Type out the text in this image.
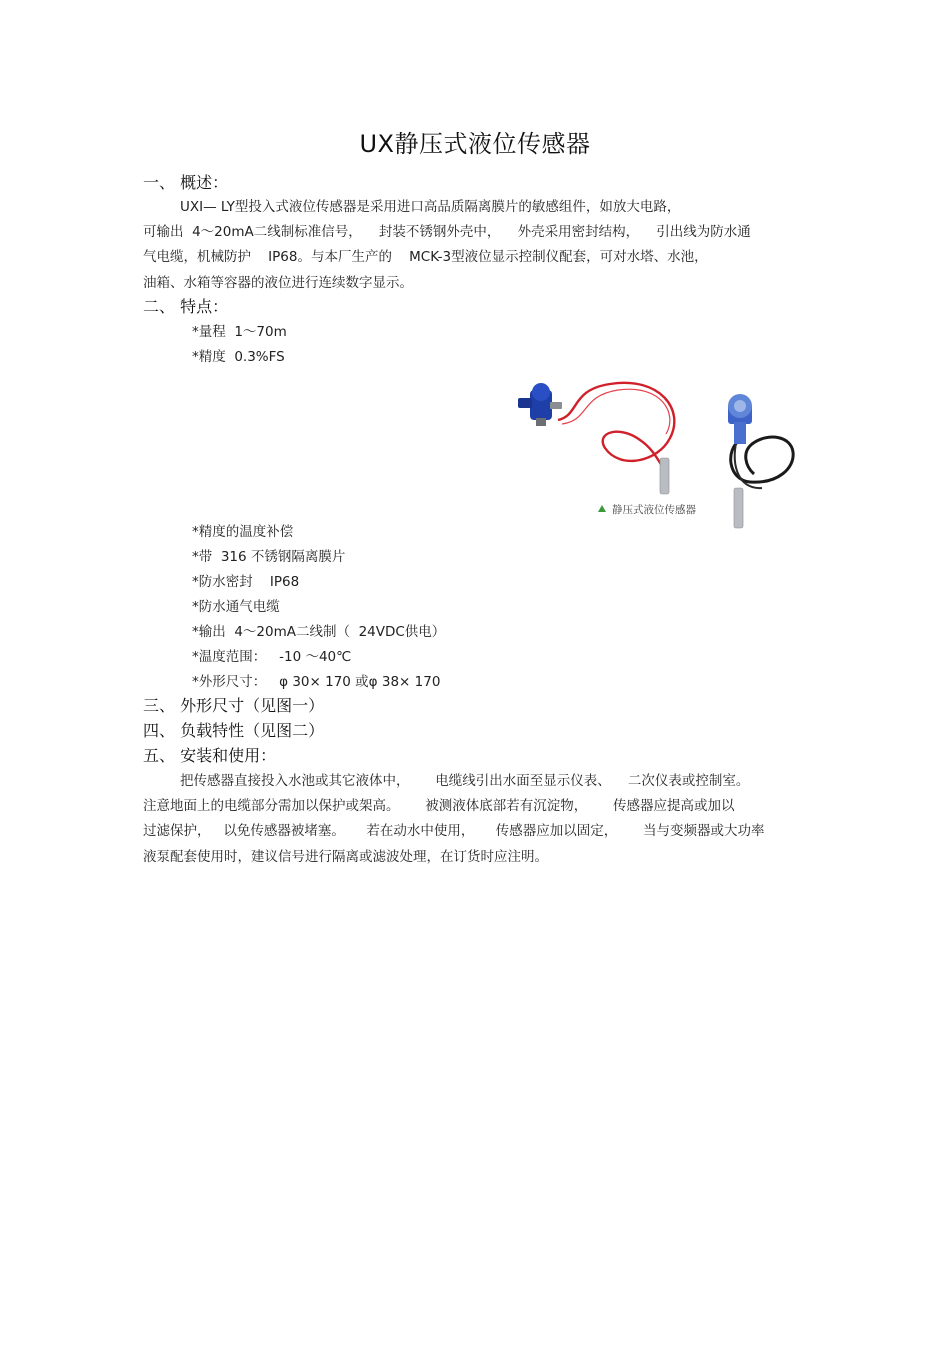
UX静压式液位传感器
一、 概述：
UXI— LY型投入式液位传感器是采用进口高品质隔离膜片的敏感组件，如放大电路，
可输出  4～20mA二线制标准信号，    封装不锈钢外壳中，    外壳采用密封结构，    引出线为防水通
气电缆，机械防护    IP68。与本厂生产的    MCK-3型液位显示控制仪配套，可对水塔、水池，
油箱、水箱等容器的液位进行连续数字显示。
二、 特点：
*量程  1～70m
*精度  0.3%FS
静压式液位传感器
*精度的温度补偿
*带  316 不锈钢隔离膜片
*防水密封    IP68
*防水通气电缆
*输出  4～20mA二线制（  24VDC供电）
*温度范围：   -10 ～40℃
*外形尺寸：   φ 30× 170 或φ 38× 170
三、 外形尺寸（见图一）
四、 负载特性（见图二）
五、 安装和使用：
把传感器直接投入水池或其它液体中，      电缆线引出水面至显示仪表、    二次仪表或控制室。
注意地面上的电缆部分需加以保护或架高。      被测液体底部若有沉淀物，      传感器应提高或加以
过滤保护，   以免传感器被堵塞。     若在动水中使用，     传感器应加以固定，      当与变频器或大功率
液泵配套使用时，建议信号进行隔离或滤波处理，在订货时应注明。
